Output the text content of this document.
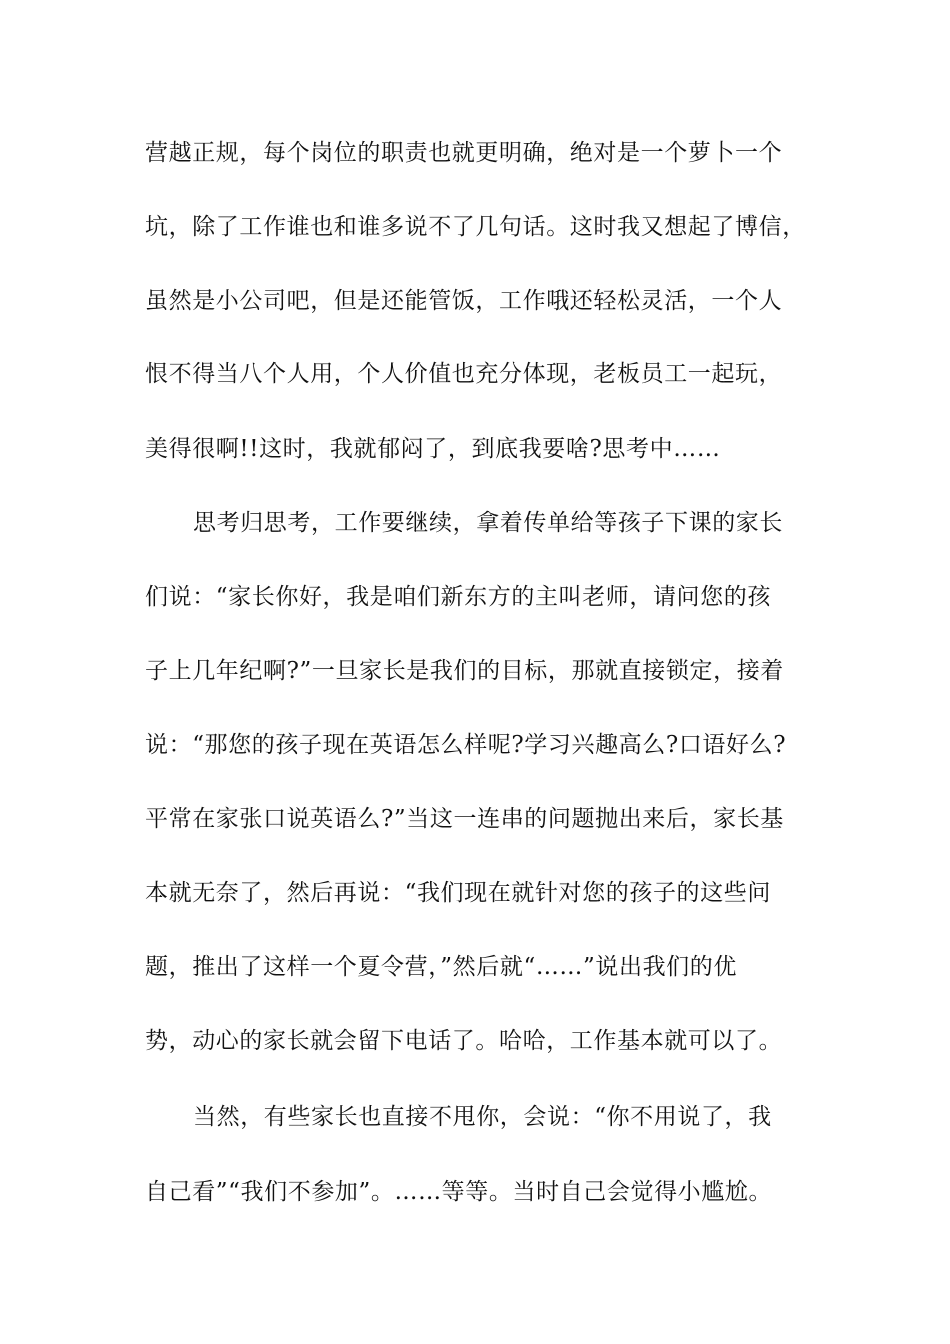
营越正规，每个岗位的职责也就更明确，绝对是一个萝卜一个
坑，除了工作谁也和谁多说不了几句话。这时我又想起了博信，
虽然是小公司吧，但是还能管饭，工作哦还轻松灵活，一个人
恨不得当八个人用，个人价值也充分体现，老板员工一起玩，
美得很啊!!这时，我就郁闷了，到底我要啥?思考中……
思考归思考，工作要继续，拿着传单给等孩子下课的家长
们说：“家长你好，我是咱们新东方的主叫老师，请问您的孩
子上几年纪啊?”一旦家长是我们的目标，那就直接锁定，接着
说：“那您的孩子现在英语怎么样呢?学习兴趣高么?口语好么?
平常在家张口说英语么?”当这一连串的问题抛出来后，家长基
本就无奈了，然后再说：“我们现在就针对您的孩子的这些问
题，推出了这样一个夏令营，”然后就“……”说出我们的优
势，动心的家长就会留下电话了。哈哈，工作基本就可以了。
当然，有些家长也直接不甩你，会说：“你不用说了，我
自己看”“我们不参加”。……等等。当时自己会觉得小尴尬。
